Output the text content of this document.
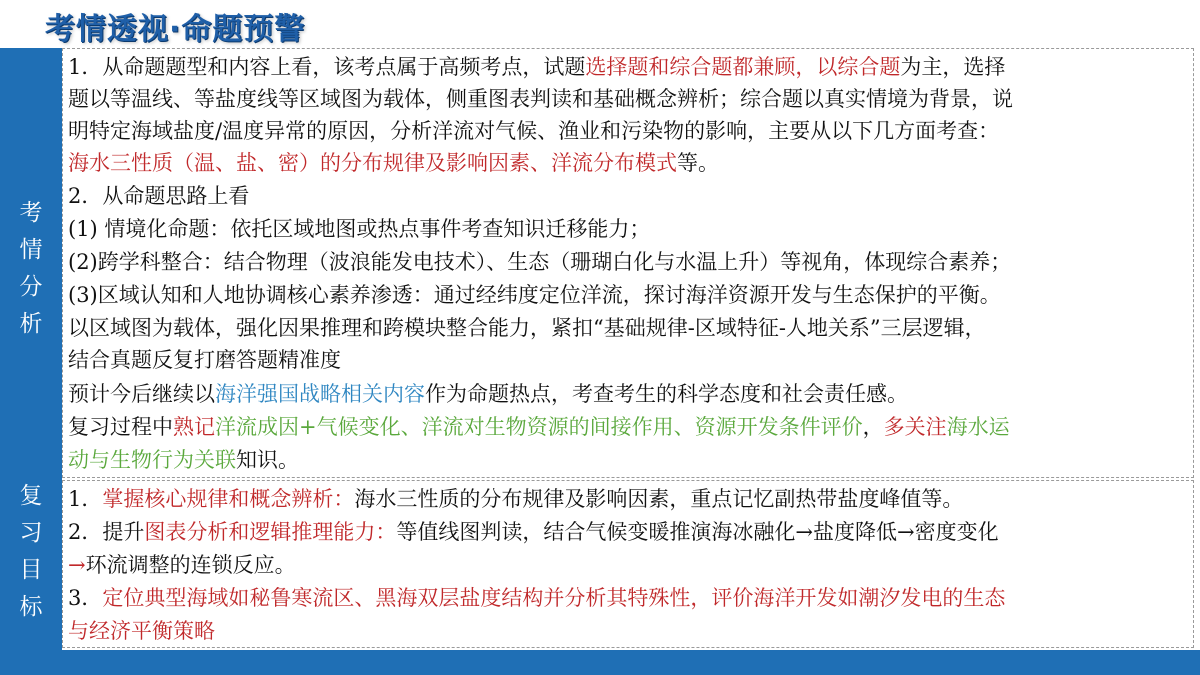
考情透视·命题预警
考
情
分
析
复
习
目
标
1．从命题题型和内容上看，该考点属于高频考点，试题选择题和综合题都兼顾，以综合题为主，选择
题以等温线、等盐度线等区域图为载体，侧重图表判读和基础概念辨析；综合题以真实情境为背景，说
明特定海域盐度/温度异常的原因，分析洋流对气候、渔业和污染物的影响，主要从以下几方面考查：
海水三性质（温、盐、密）的分布规律及影响因素、洋流分布模式等。
2．从命题思路上看
(1) 情境化命题：依托区域地图或热点事件考查知识迁移能力；
(2)跨学科整合：结合物理（波浪能发电技术）、生态（珊瑚白化与水温上升）等视角，体现综合素养；
(3)区域认知和人地协调核心素养渗透：通过经纬度定位洋流，探讨海洋资源开发与生态保护的平衡。
以区域图为载体，强化因果推理和跨模块整合能力，紧扣“基础规律-区域特征-人地关系”三层逻辑，
结合真题反复打磨答题精准度
预计今后继续以海洋强国战略相关内容作为命题热点，考查考生的科学态度和社会责任感。
复习过程中熟记洋流成因+气候变化、洋流对生物资源的间接作用、资源开发条件评价，多关注海水运
动与生物行为关联知识。
1．掌握核心规律和概念辨析：海水三性质的分布规律及影响因素，重点记忆副热带盐度峰值等。
2．提升图表分析和逻辑推理能力：等值线图判读，结合气候变暖推演海冰融化→盐度降低→密度变化
→环流调整的连锁反应。
3．定位典型海域如秘鲁寒流区、黑海双层盐度结构并分析其特殊性，评价海洋开发如潮汐发电的生态
与经济平衡策略
